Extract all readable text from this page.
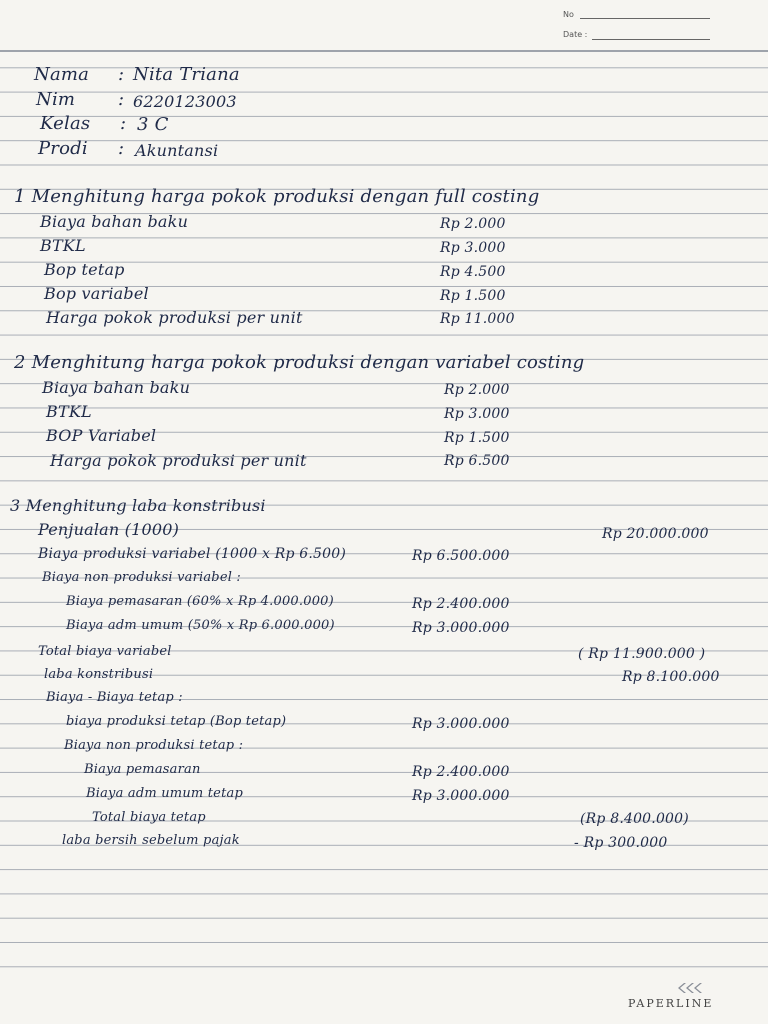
No
Date :
Nama : Nita Triana
Nim : 6220123003
Kelas : 3 C
Prodi : Akuntansi
1 Menghitung harga pokok produksi dengan full costing
Biaya bahan baku	Rp 2.000
BTKL	Rp 3.000
Bop tetap	Rp 4.500
Bop variabel	Rp 1.500
Harga pokok produksi per unit	Rp 11.000
2 Menghitung harga pokok produksi dengan variabel costing
Biaya bahan baku	Rp 2.000
BTKL	Rp 3.000
BOP Variabel	Rp 1.500
Harga pokok produksi per unit	Rp 6.500
3 Menghitung laba konstribusi
Penjualan (1000)	Rp 20.000.000
Biaya produksi variabel (1000 x Rp 6.500)	Rp 6.500.000
Biaya non produksi variabel :
Biaya pemasaran (60% x Rp 4.000.000)	Rp 2.400.000
Biaya adm umum (50% x Rp 6.000.000)	Rp 3.000.000
Total biaya variabel	( Rp 11.900.000 )
laba konstribusi	Rp 8.100.000
Biaya - Biaya tetap :
biaya produksi tetap (Bop tetap)	Rp 3.000.000
Biaya non produksi tetap :
Biaya pemasaran	Rp 2.400.000
Biaya adm umum tetap	Rp 3.000.000
Total biaya tetap	(Rp 8.400.000)
laba bersih sebelum pajak	- Rp 300.000
PAPERLINE
